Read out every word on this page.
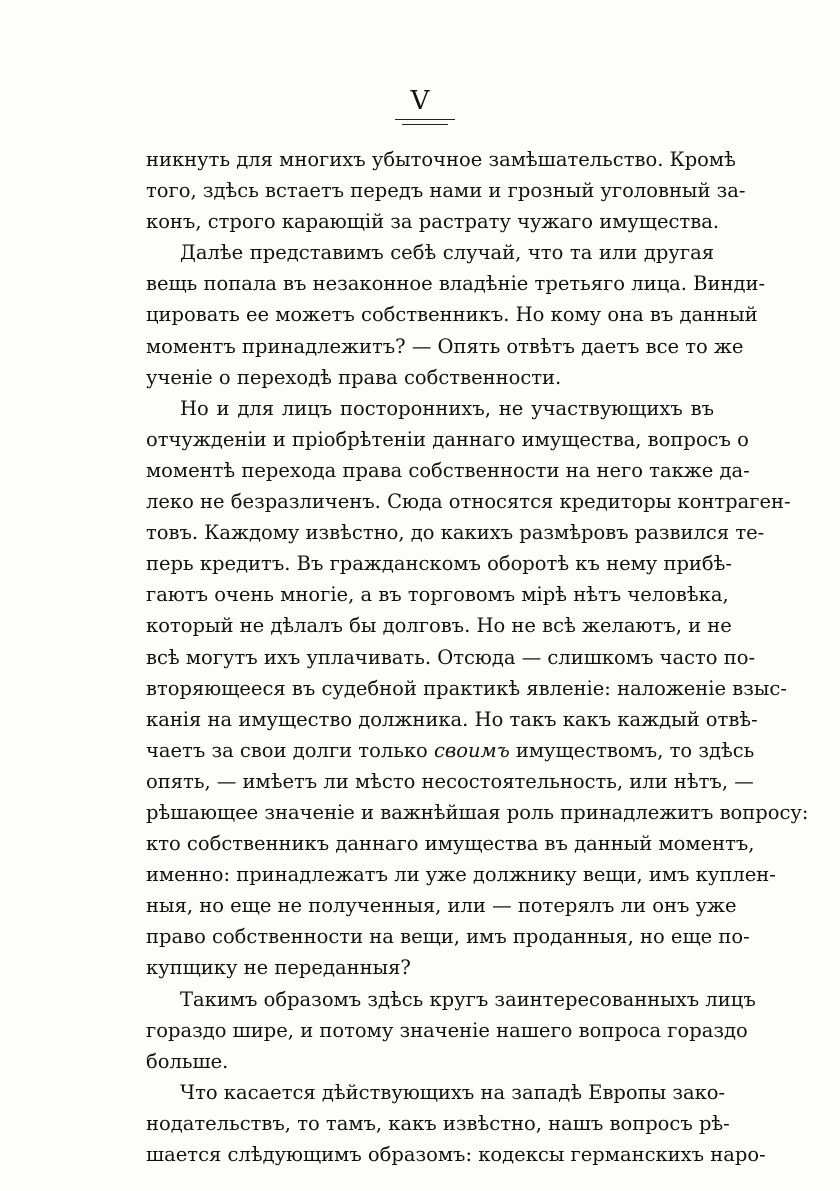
V
никнуть для многихъ убыточное замѣшательство. Кромѣ
того, здѣсь встаетъ передъ нами и грозный уголовный за-
конъ, строго карающій за растрату чужаго имущества.
Далѣе представимъ себѣ случай, что та или другая
вещь попала въ незаконное владѣніе третьяго лица. Винди-
цировать ее можетъ собственникъ. Но кому она въ данный
моментъ принадлежитъ? — Опять отвѣтъ даетъ все то же
ученіе о переходѣ права собственности.
Но и для лицъ постороннихъ, не участвующихъ въ
отчужденіи и пріобрѣтеніи даннаго имущества, вопросъ о
моментѣ перехода права собственности на него также да-
леко не безразличенъ. Сюда относятся кредиторы контраген-
товъ. Каждому извѣстно, до какихъ размѣровъ развился те-
перь кредитъ. Въ гражданскомъ оборотѣ къ нему прибѣ-
гаютъ очень многіе, а въ торговомъ мірѣ нѣтъ человѣка,
который не дѣлалъ бы долговъ. Но не всѣ желаютъ, и не
всѣ могутъ ихъ уплачивать. Отсюда — слишкомъ часто по-
вторяющееся въ судебной практикѣ явленіе: наложеніе взыс-
канія на имущество должника. Но такъ какъ каждый отвѣ-
чаетъ за свои долги только своимъ имуществомъ, то здѣсь
опять, — имѣетъ ли мѣсто несостоятельность, или нѣтъ, —
рѣшающее значеніе и важнѣйшая роль принадлежитъ вопросу:
кто собственникъ даннаго имущества въ данный моментъ,
именно: принадлежатъ ли уже должнику вещи, имъ куплен-
ныя, но еще не полученныя, или — потерялъ ли онъ уже
право собственности на вещи, имъ проданныя, но еще по-
купщику не переданныя?
Такимъ образомъ здѣсь кругъ заинтересованныхъ лицъ
гораздо шире, и потому значеніе нашего вопроса гораздо
больше.
Что касается дѣйствующихъ на западѣ Европы зако-
нодательствъ, то тамъ, какъ извѣстно, нашъ вопросъ рѣ-
шается слѣдующимъ образомъ: кодексы германскихъ наро-
